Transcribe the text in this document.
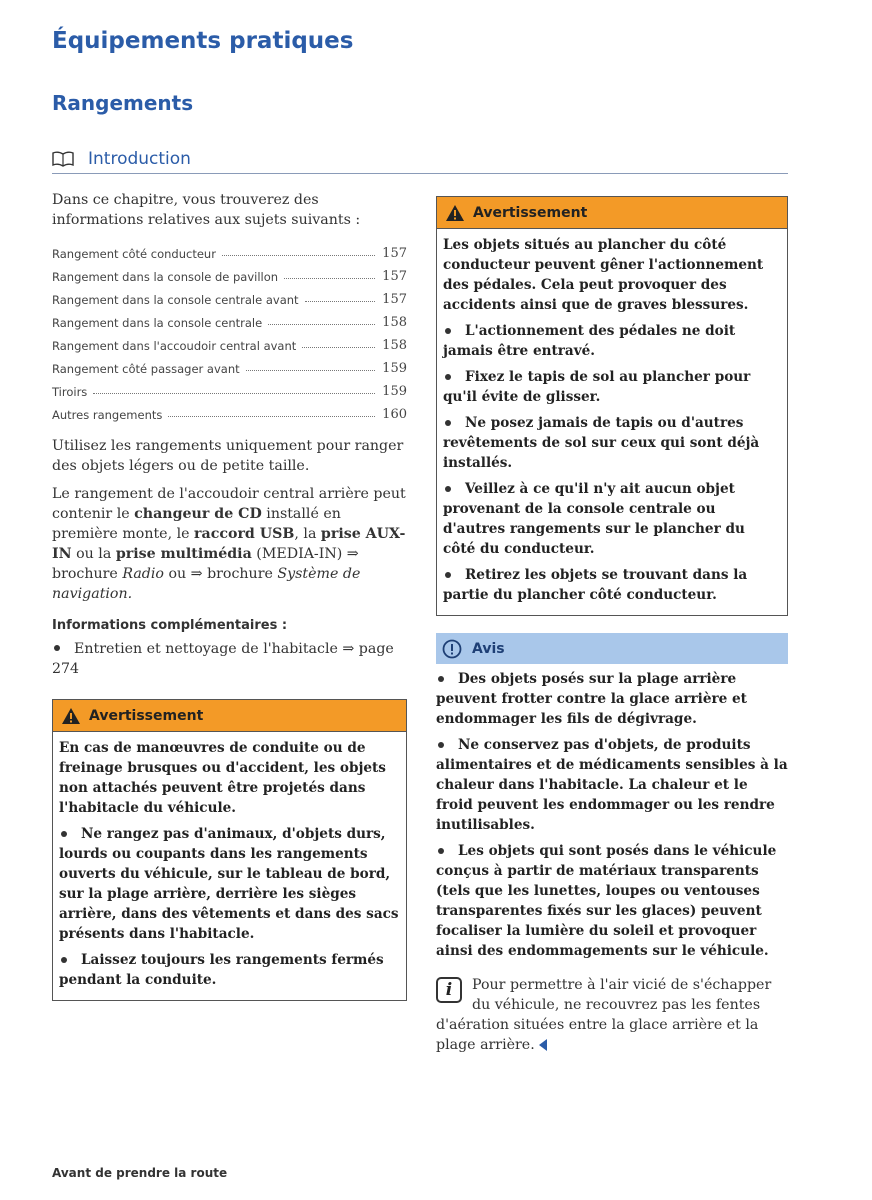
Équipements pratiques
Rangements
Introduction

Dans ce chapitre, vous trouverez des informations relatives aux sujets suivants :

Rangement côté conducteur	157
Rangement dans la console de pavillon	157
Rangement dans la console centrale avant	157
Rangement dans la console centrale	158
Rangement dans l'accoudoir central avant	158
Rangement côté passager avant	159
Tiroirs	159
Autres rangements	160

Utilisez les rangements uniquement pour ranger des objets légers ou de petite taille.

Le rangement de l'accoudoir central arrière peut contenir le changeur de CD installé en première monte, le raccord USB, la prise AUX-IN ou la prise multimédia (MEDIA-IN) ⇒ brochure Radio ou ⇒ brochure Système de navigation.

Informations complémentaires :

Entretien et nettoyage de l'habitacle ⇒ page 274

Avertissement

En cas de manœuvres de conduite ou de freinage brusques ou d'accident, les objets non attachés peuvent être projetés dans l'habitacle du véhicule.

Ne rangez pas d'animaux, d'objets durs, lourds ou coupants dans les rangements ouverts du véhicule, sur le tableau de bord, sur la plage arrière, derrière les sièges arrière, dans des vêtements et dans des sacs présents dans l'habitacle.

Laissez toujours les rangements fermés pendant la conduite.

Avertissement

Les objets situés au plancher du côté conducteur peuvent gêner l'actionnement des pédales. Cela peut provoquer des accidents ainsi que de graves blessures.

L'actionnement des pédales ne doit jamais être entravé.

Fixez le tapis de sol au plancher pour qu'il évite de glisser.

Ne posez jamais de tapis ou d'autres revêtements de sol sur ceux qui sont déjà installés.

Veillez à ce qu'il n'y ait aucun objet provenant de la console centrale ou d'autres rangements sur le plancher du côté du conducteur.

Retirez les objets se trouvant dans la partie du plancher côté conducteur.

Avis

Des objets posés sur la plage arrière peuvent frotter contre la glace arrière et endommager les fils de dégivrage.

Ne conservez pas d'objets, de produits alimentaires et de médicaments sensibles à la chaleur dans l'habitacle. La chaleur et le froid peuvent les endommager ou les rendre inutilisables.

Les objets qui sont posés dans le véhicule conçus à partir de matériaux transparents (tels que les lunettes, loupes ou ventouses transparentes fixés sur les glaces) peuvent focaliser la lumière du soleil et provoquer ainsi des endommagements sur le véhicule.

i	Pour permettre à l'air vicié de s'échapper du véhicule, ne recouvrez pas les fentes d'aération situées entre la glace arrière et la plage arrière.
Avant de prendre la route
